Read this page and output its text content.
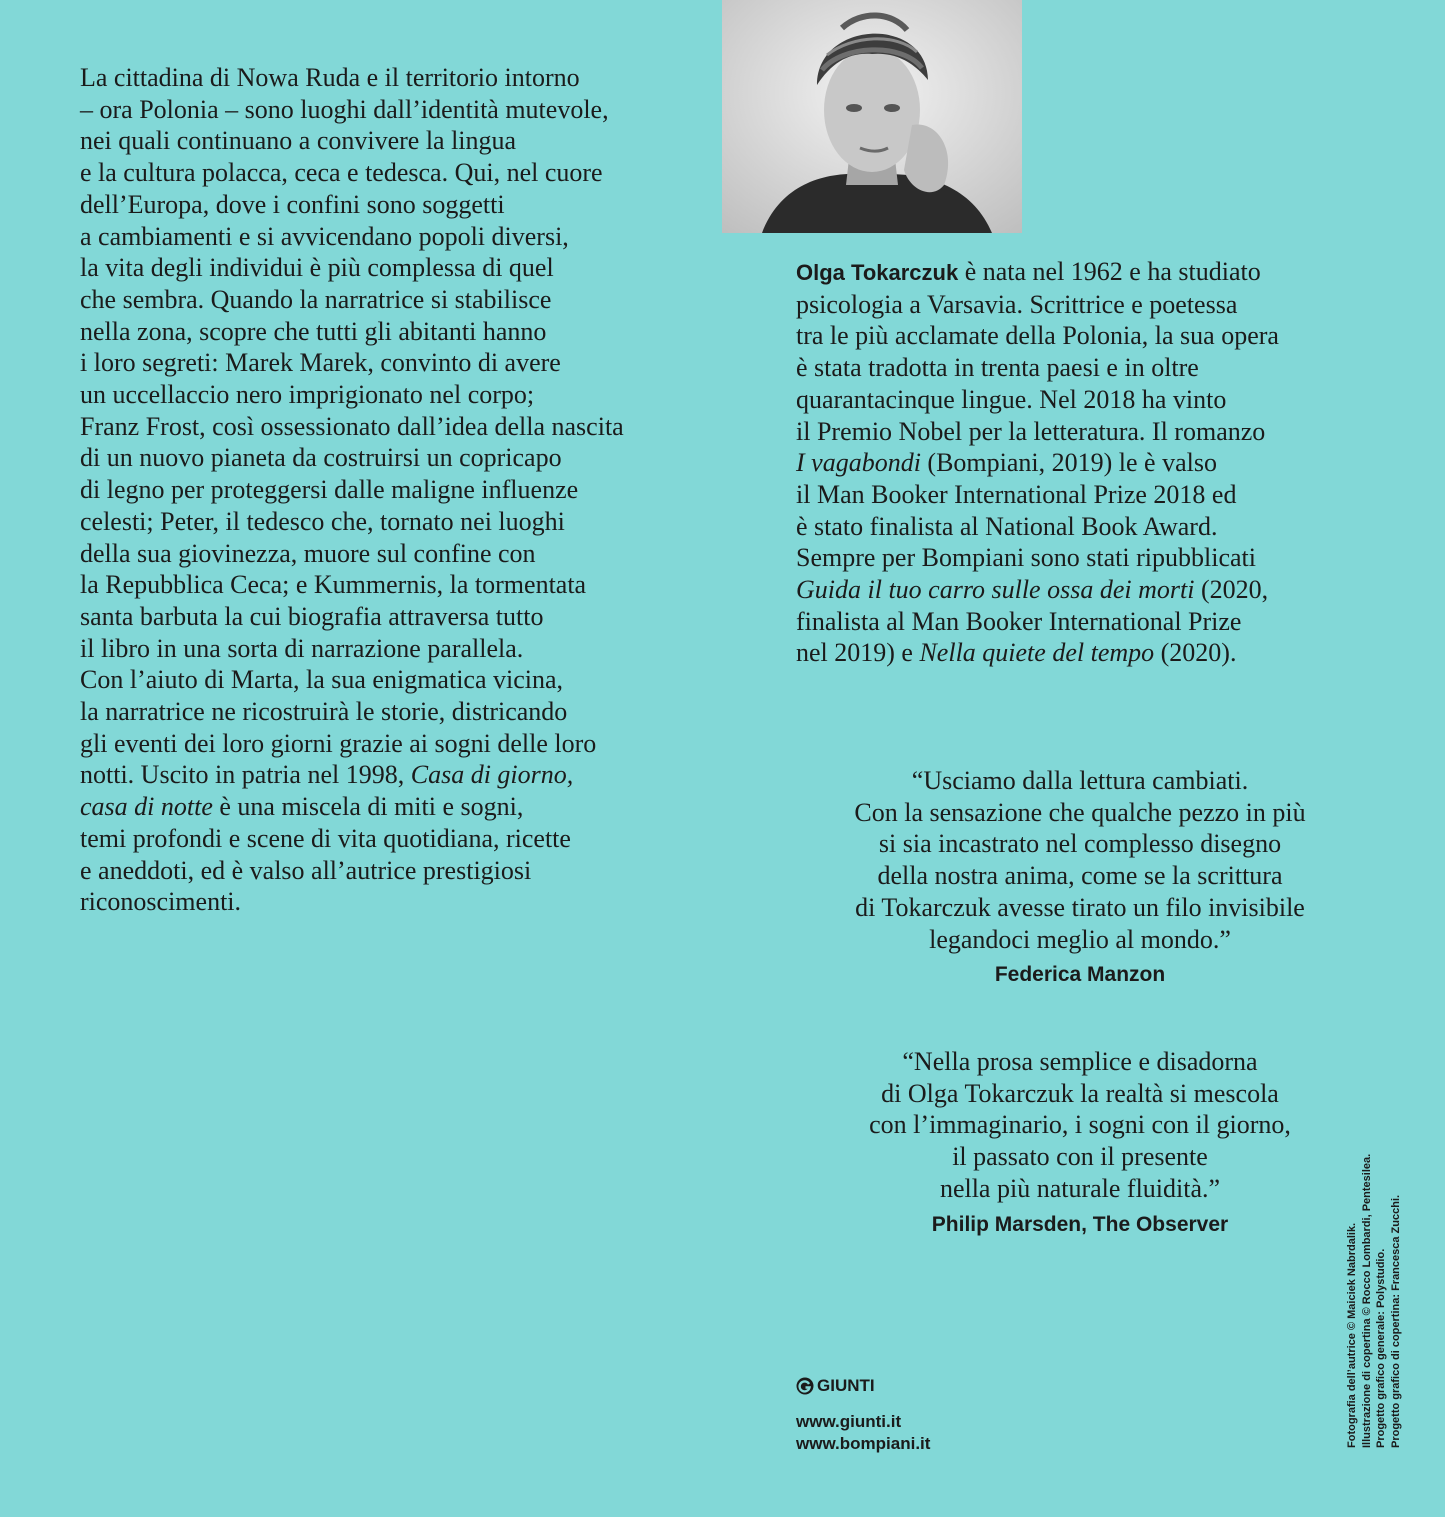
La cittadina di Nowa Ruda e il territorio intorno
– ora Polonia – sono luoghi dall’identità mutevole,
nei quali continuano a convivere la lingua
e la cultura polacca, ceca e tedesca. Qui, nel cuore
dell’Europa, dove i confini sono soggetti
a cambiamenti e si avvicendano popoli diversi,
la vita degli individui è più complessa di quel
che sembra. Quando la narratrice si stabilisce
nella zona, scopre che tutti gli abitanti hanno
i loro segreti: Marek Marek, convinto di avere
un uccellaccio nero imprigionato nel corpo;
Franz Frost, così ossessionato dall’idea della nascita
di un nuovo pianeta da costruirsi un copricapo
di legno per proteggersi dalle maligne influenze
celesti; Peter, il tedesco che, tornato nei luoghi
della sua giovinezza, muore sul confine con
la Repubblica Ceca; e Kummernis, la tormentata
santa barbuta la cui biografia attraversa tutto
il libro in una sorta di narrazione parallela.
Con l’aiuto di Marta, la sua enigmatica vicina,
la narratrice ne ricostruirà le storie, districando
gli eventi dei loro giorni grazie ai sogni delle loro
notti. Uscito in patria nel 1998, Casa di giorno,
casa di notte è una miscela di miti e sogni,
temi profondi e scene di vita quotidiana, ricette
e aneddoti, ed è valso all’autrice prestigiosi
riconoscimenti.
Olga Tokarczuk è nata nel 1962 e ha studiato
psicologia a Varsavia. Scrittrice e poetessa
tra le più acclamate della Polonia, la sua opera
è stata tradotta in trenta paesi e in oltre
quarantacinque lingue. Nel 2018 ha vinto
il Premio Nobel per la letteratura. Il romanzo
I vagabondi (Bompiani, 2019) le è valso
il Man Booker International Prize 2018 ed
è stato finalista al National Book Award.
Sempre per Bompiani sono stati ripubblicati
Guida il tuo carro sulle ossa dei morti (2020,
finalista al Man Booker International Prize
nel 2019) e Nella quiete del tempo (2020).
“Usciamo dalla lettura cambiati.
Con la sensazione che qualche pezzo in più
si sia incastrato nel complesso disegno
della nostra anima, come se la scrittura
di Tokarczuk avesse tirato un filo invisibile
legandoci meglio al mondo.”
Federica Manzon
“Nella prosa semplice e disadorna
di Olga Tokarczuk la realtà si mescola
con l’immaginario, i sogni con il giorno,
il passato con il presente
nella più naturale fluidità.”
Philip Marsden, The Observer
GIUNTI
www.giunti.it
www.bompiani.it	Fotografia dell’autrice © Maiciek Nabrdalik. Illustrazione di copertina © Rocco Lombardi, Pentesilea. Progetto grafico generale: Polystudio. Progetto grafico di copertina: Francesca Zucchi.
